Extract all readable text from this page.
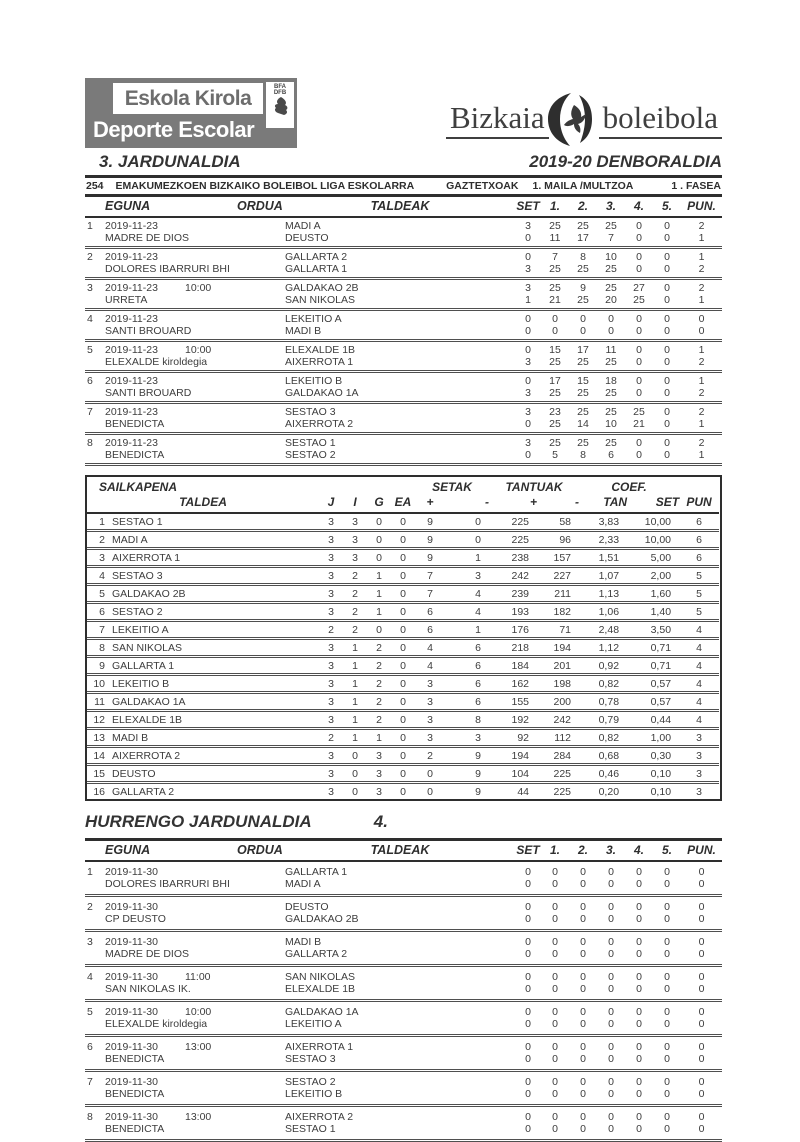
Eskola Kirola
Deporte Escolar
BFA
DFB
Bizkaia boleibola
3. JARDUNALDIA	2019-20 DENBORALDIA
254 EMAKUMEZKOEN BIZKAIKO BOLEIBOL LIGA ESKOLARRA	GAZTETXOAK 1. MAILA /MULTZOA	1 . FASEA
EGUNA		ORDUA	TALDEAK	SET	1.	2.	3.	4.	5.	PUN.
1	2019-11-23		MADI A	3	25	25	25	0	0	2
	MADRE DE DIOS		DEUSTO	0	11	17	7	0	0	1
2	2019-11-23		GALLARTA 2	0	7	8	10	0	0	1
	DOLORES IBARRURI BHI		GALLARTA 1	3	25	25	25	0	0	2
3	2019-11-23	10:00	GALDAKAO 2B	3	25	9	25	27	0	2
	URRETA		SAN NIKOLAS	1	21	25	20	25	0	1
4	2019-11-23		LEKEITIO A	0	0	0	0	0	0	0
	SANTI BROUARD		MADI B	0	0	0	0	0	0	0
5	2019-11-23	10:00	ELEXALDE 1B	0	15	17	11	0	0	1
	ELEXALDE kiroldegia		AIXERROTA 1	3	25	25	25	0	0	2
6	2019-11-23		LEKEITIO B	0	17	15	18	0	0	1
	SANTI BROUARD		GALDAKAO 1A	3	25	25	25	0	0	2
7	2019-11-23		SESTAO 3	3	23	25	25	25	0	2
	BENEDICTA		AIXERROTA 2	0	25	14	10	21	0	1
8	2019-11-23		SESTAO 1	3	25	25	25	0	0	2
	BENEDICTA		SESTAO 2	0	5	8	6	0	0	1
SAILKAPENA						SETAK		TANTUAK		COEF.		
TALDEA		J	I	G	EA	+	-	+	-	TAN	SET	PUN
1	SESTAO 1	3	3	0	0	9	0	225	58	3,83	10,00	6
2	MADI A	3	3	0	0	9	0	225	96	2,33	10,00	6
3	AIXERROTA 1	3	3	0	0	9	1	238	157	1,51	5,00	6
4	SESTAO 3	3	2	1	0	7	3	242	227	1,07	2,00	5
5	GALDAKAO 2B	3	2	1	0	7	4	239	211	1,13	1,60	5
6	SESTAO 2	3	2	1	0	6	4	193	182	1,06	1,40	5
7	LEKEITIO A	2	2	0	0	6	1	176	71	2,48	3,50	4
8	SAN NIKOLAS	3	1	2	0	4	6	218	194	1,12	0,71	4
9	GALLARTA 1	3	1	2	0	4	6	184	201	0,92	0,71	4
10	LEKEITIO B	3	1	2	0	3	6	162	198	0,82	0,57	4
11	GALDAKAO 1A	3	1	2	0	3	6	155	200	0,78	0,57	4
12	ELEXALDE 1B	3	1	2	0	3	8	192	242	0,79	0,44	4
13	MADI B	2	1	1	0	3	3	92	112	0,82	1,00	3
14	AIXERROTA 2	3	0	3	0	2	9	194	284	0,68	0,30	3
15	DEUSTO	3	0	3	0	0	9	104	225	0,46	0,10	3
16	GALLARTA 2	3	0	3	0	0	9	44	225	0,20	0,10	3
HURRENGO JARDUNALDIA	4.
EGUNA		ORDUA	TALDEAK	SET	1.	2.	3.	4.	5.	PUN.
1	2019-11-30		GALLARTA 1	0	0	0	0	0	0	0
	DOLORES IBARRURI BHI		MADI A	0	0	0	0	0	0	0
2	2019-11-30		DEUSTO	0	0	0	0	0	0	0
	CP DEUSTO		GALDAKAO 2B	0	0	0	0	0	0	0
3	2019-11-30		MADI B	0	0	0	0	0	0	0
	MADRE DE DIOS		GALLARTA 2	0	0	0	0	0	0	0
4	2019-11-30	11:00	SAN NIKOLAS	0	0	0	0	0	0	0
	SAN NIKOLAS IK.		ELEXALDE 1B	0	0	0	0	0	0	0
5	2019-11-30	10:00	GALDAKAO 1A	0	0	0	0	0	0	0
	ELEXALDE kiroldegia		LEKEITIO A	0	0	0	0	0	0	0
6	2019-11-30	13:00	AIXERROTA 1	0	0	0	0	0	0	0
	BENEDICTA		SESTAO 3	0	0	0	0	0	0	0
7	2019-11-30		SESTAO 2	0	0	0	0	0	0	0
	BENEDICTA		LEKEITIO B	0	0	0	0	0	0	0
8	2019-11-30	13:00	AIXERROTA 2	0	0	0	0	0	0	0
	BENEDICTA		SESTAO 1	0	0	0	0	0	0	0
